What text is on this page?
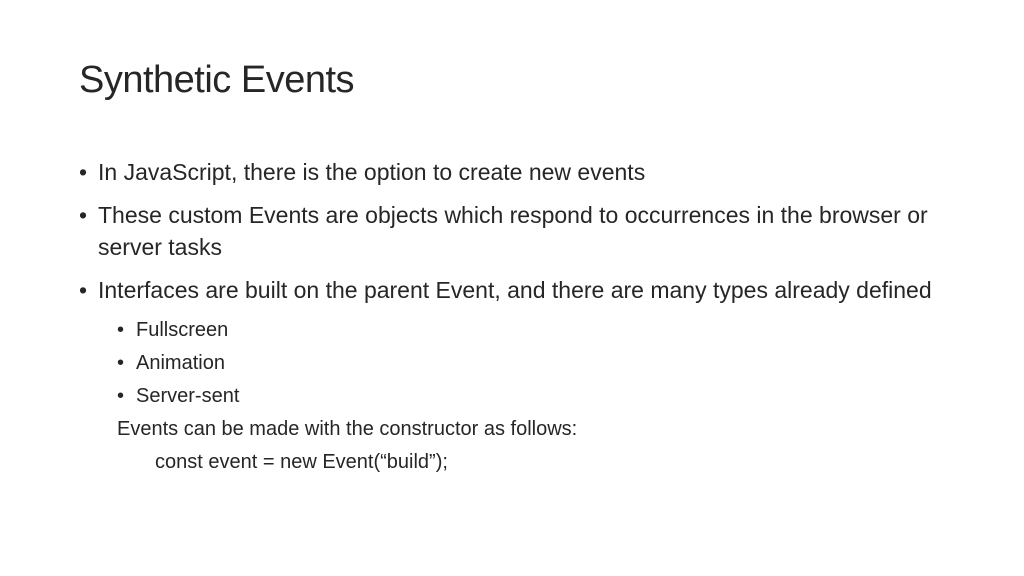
Synthetic Events
• In JavaScript, there is the option to create new events
• These custom Events are objects which respond to occurrences in the browser or server tasks
• Interfaces are built on the parent Event, and there are many types already defined
• Fullscreen
• Animation
• Server-sent
Events can be made with the constructor as follows:
const event = new Event(“build”);
